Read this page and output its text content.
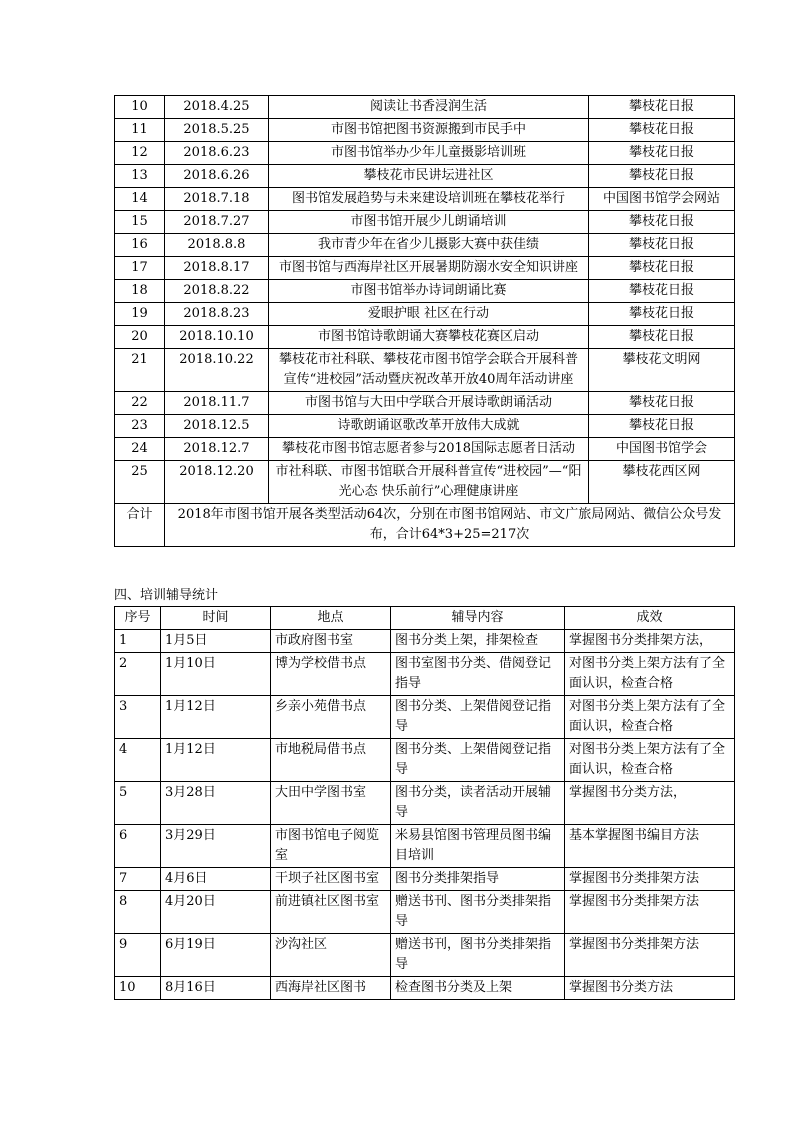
10	2018.4.25	阅读让书香浸润生活	攀枝花日报
11	2018.5.25	市图书馆把图书资源搬到市民手中	攀枝花日报
12	2018.6.23	市图书馆举办少年儿童摄影培训班	攀枝花日报
13	2018.6.26	攀枝花市民讲坛进社区	攀枝花日报
14	2018.7.18	图书馆发展趋势与未来建设培训班在攀枝花举行	中国图书馆学会网站
15	2018.7.27	市图书馆开展少儿朗诵培训	攀枝花日报
16	2018.8.8	我市青少年在省少儿摄影大赛中获佳绩	攀枝花日报
17	2018.8.17	市图书馆与西海岸社区开展暑期防溺水安全知识讲座	攀枝花日报
18	2018.8.22	市图书馆举办诗词朗诵比赛	攀枝花日报
19	2018.8.23	爱眼护眼 社区在行动	攀枝花日报
20	2018.10.10	市图书馆诗歌朗诵大赛攀枝花赛区启动	攀枝花日报
21	2018.10.22	攀枝花市社科联、攀枝花市图书馆学会联合开展科普宣传“进校园”活动暨庆祝改革开放40周年活动讲座	攀枝花文明网
22	2018.11.7	市图书馆与大田中学联合开展诗歌朗诵活动	攀枝花日报
23	2018.12.5	诗歌朗诵讴歌改革开放伟大成就	攀枝花日报
24	2018.12.7	攀枝花市图书馆志愿者参与2018国际志愿者日活动	中国图书馆学会
25	2018.12.20	市社科联、市图书馆联合开展科普宣传“进校园”—“阳光心态 快乐前行”心理健康讲座	攀枝花西区网
合计	2018年市图书馆开展各类型活动64次，分别在市图书馆网站、市文广旅局网站、微信公众号发布，合计64*3+25=217次		
四、培训辅导统计
序号	时间	地点	辅导内容	成效
1	1月5日	市政府图书室	图书分类上架，排架检查	掌握图书分类排架方法，
2	1月10日	博为学校借书点	图书室图书分类、借阅登记指导	对图书分类上架方法有了全面认识，检查合格
3	1月12日	乡亲小苑借书点	图书分类、上架借阅登记指导	对图书分类上架方法有了全面认识，检查合格
4	1月12日	市地税局借书点	图书分类、上架借阅登记指导	对图书分类上架方法有了全面认识，检查合格
5	3月28日	大田中学图书室	图书分类，读者活动开展辅导	掌握图书分类方法，
6	3月29日	市图书馆电子阅览室	米易县馆图书管理员图书编目培训	基本掌握图书编目方法
7	4月6日	干坝子社区图书室	图书分类排架指导	掌握图书分类排架方法
8	4月20日	前进镇社区图书室	赠送书刊、图书分类排架指导	掌握图书分类排架方法
9	6月19日	沙沟社区	赠送书刊，图书分类排架指导	掌握图书分类排架方法
10	8月16日	西海岸社区图书	检查图书分类及上架	掌握图书分类方法
